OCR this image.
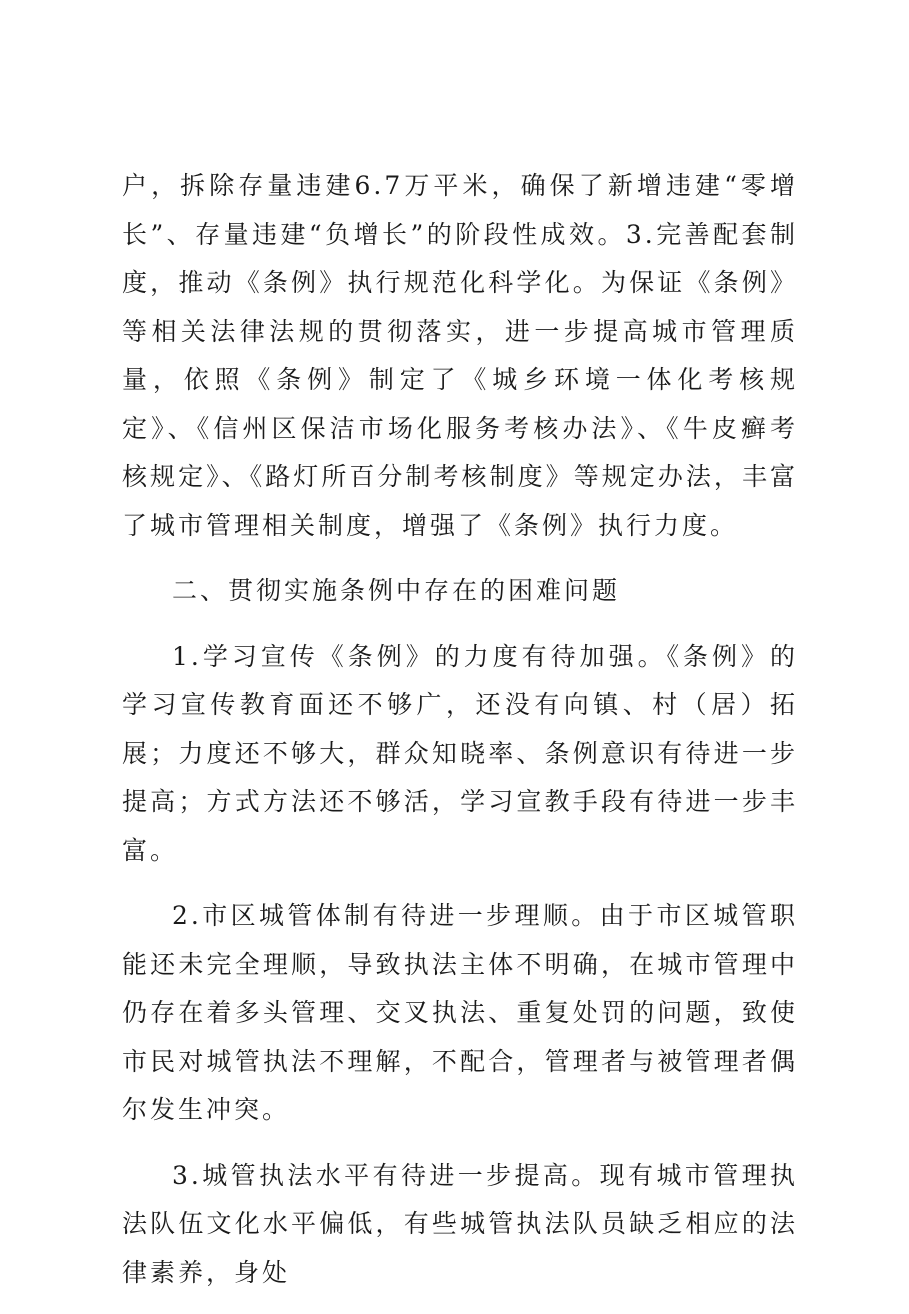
户，拆除存量违建6.7万平米，确保了新增违建“零增长”、存量违建“负增长”的阶段性成效。3.完善配套制度，推动《条例》执行规范化科学化。为保证《条例》等相关法律法规的贯彻落实，进一步提高城市管理质量，依照《条例》制定了《城乡环境一体化考核规定》、《信州区保洁市场化服务考核办法》、《牛皮癣考核规定》、《路灯所百分制考核制度》等规定办法，丰富了城市管理相关制度，增强了《条例》执行力度。

二、贯彻实施条例中存在的困难问题

1.学习宣传《条例》的力度有待加强。《条例》的学习宣传教育面还不够广，还没有向镇、村（居）拓展；力度还不够大，群众知晓率、条例意识有待进一步提高；方式方法还不够活，学习宣教手段有待进一步丰富。

2.市区城管体制有待进一步理顺。由于市区城管职能还未完全理顺，导致执法主体不明确，在城市管理中仍存在着多头管理、交叉执法、重复处罚的问题，致使市民对城管执法不理解，不配合，管理者与被管理者偶尔发生冲突。

3.城管执法水平有待进一步提高。现有城市管理执法队伍文化水平偏低，有些城管执法队员缺乏相应的法律素养，身处
